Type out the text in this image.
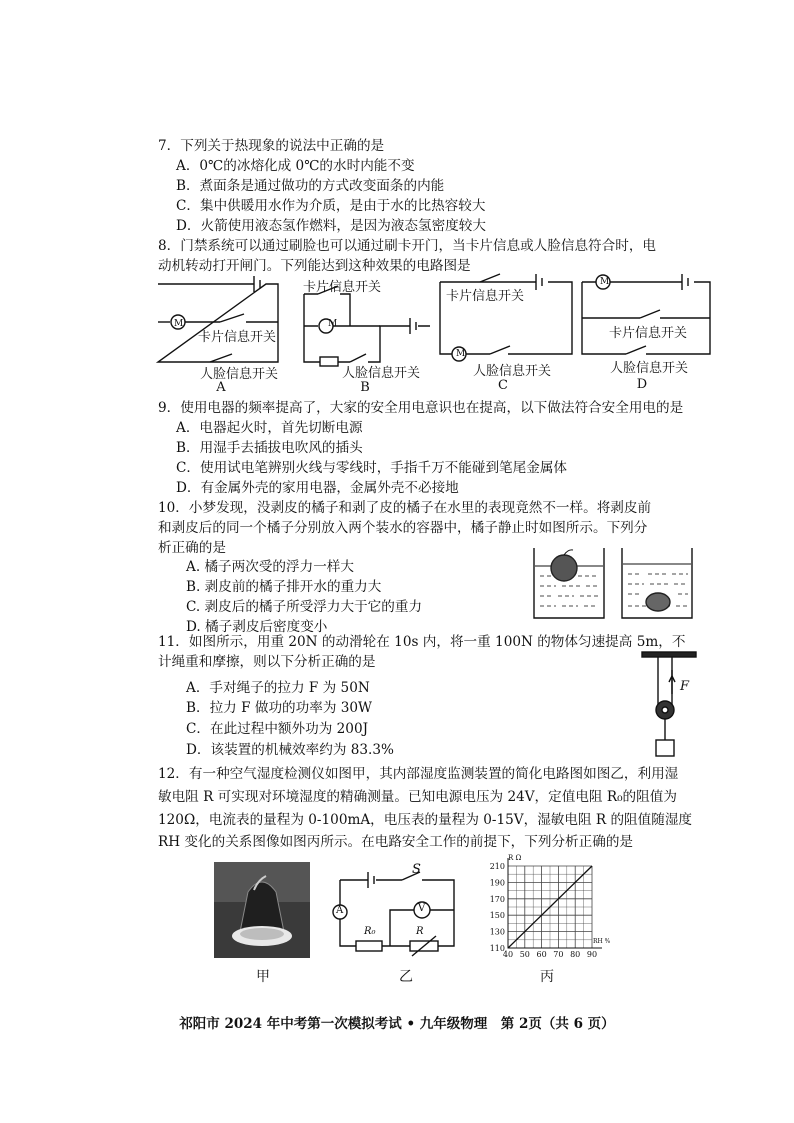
7．下列关于热现象的说法中正确的是
A．0℃的冰熔化成 0℃的水时内能不变
B．煮面条是通过做功的方式改变面条的内能
C．集中供暖用水作为介质，是由于水的比热容较大
D．火箭使用液态氢作燃料，是因为液态氢密度较大
8．门禁系统可以通过刷脸也可以通过刷卡开门，当卡片信息或人脸信息符合时，电
动机转动打开闸门。下列能达到这种效果的电路图是
M
卡片信息开关
人脸信息开关
卡片信息开关
人脸信息开关
卡片信息开关
人脸信息开关
卡片信息开关
人脸信息开关
M
M
M
A	B	C	D
9．使用电器的频率提高了，大家的安全用电意识也在提高，以下做法符合安全用电的是
A．电器起火时，首先切断电源
B．用湿手去插拔电吹风的插头
C．使用试电笔辨别火线与零线时，手指千万不能碰到笔尾金属体
D．有金属外壳的家用电器，金属外壳不必接地
10．小梦发现，没剥皮的橘子和剥了皮的橘子在水里的表现竟然不一样。将剥皮前
和剥皮后的同一个橘子分别放入两个装水的容器中，橘子静止时如图所示。下列分
析正确的是
A. 橘子两次受的浮力一样大
B. 剥皮前的橘子排开水的重力大
C. 剥皮后的橘子所受浮力大于它的重力
D. 橘子剥皮后密度变小
11．如图所示，用重 20N 的动滑轮在 10s 内，将一重 100N 的物体匀速提高 5m，不
计绳重和摩擦，则以下分析正确的是
A．手对绳子的拉力 F 为 50N
B．拉力 F 做功的功率为 30W
C．在此过程中额外功为 200J
D．该装置的机械效率约为 83.3%
F
12．有一种空气湿度检测仪如图甲，其内部湿度监测装置的简化电路图如图乙，利用湿
敏电阻 R 可实现对环境湿度的精确测量。已知电源电压为 24V，定值电阻 R₀的阻值为
120Ω，电流表的量程为 0-100mA，电压表的量程为 0-15V，湿敏电阻 R 的阻值随湿度
RH 变化的关系图像如图丙所示。在电路安全工作的前提下，下列分析正确的是
S
A	V
R₀	R
40 50 60 70 80 90
110
130
150
170
190
210
R Ω
RH %
甲	乙	丙
祁阳市 2024 年中考第一次模拟考试 • 九年级物理　第 2页（共 6 页）
